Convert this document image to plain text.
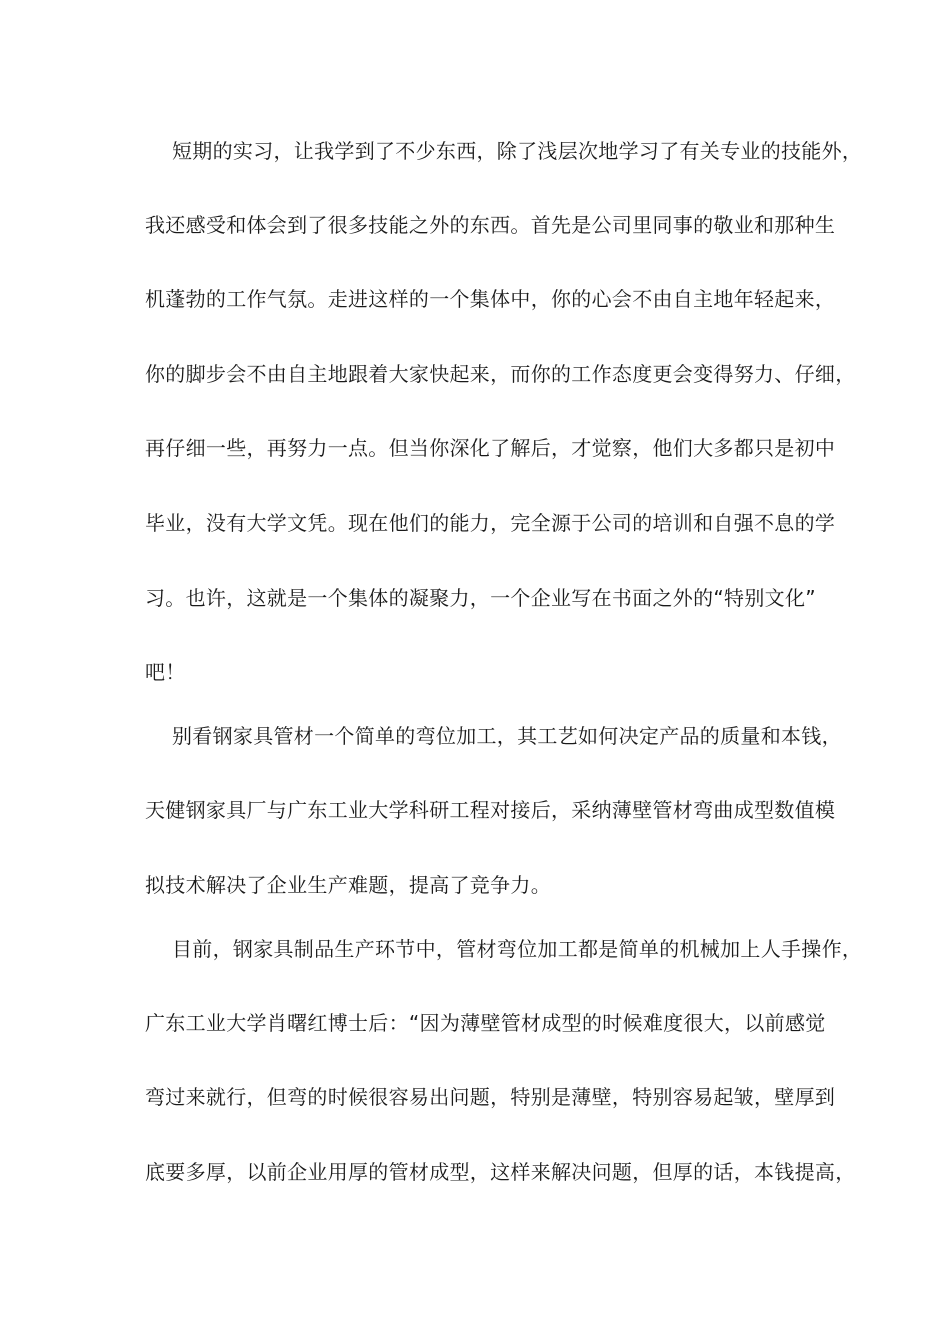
短期的实习，让我学到了不少东西，除了浅层次地学习了有关专业的技能外，
我还感受和体会到了很多技能之外的东西。首先是公司里同事的敬业和那种生
机蓬勃的工作气氛。走进这样的一个集体中，你的心会不由自主地年轻起来，
你的脚步会不由自主地跟着大家快起来，而你的工作态度更会变得努力、仔细，
再仔细一些，再努力一点。但当你深化了解后，才觉察，他们大多都只是初中
毕业，没有大学文凭。现在他们的能力，完全源于公司的培训和自强不息的学
习。也许，这就是一个集体的凝聚力，一个企业写在书面之外的“特别文化”
吧！
别看钢家具管材一个简单的弯位加工，其工艺如何决定产品的质量和本钱，
天健钢家具厂与广东工业大学科研工程对接后，采纳薄壁管材弯曲成型数值模
拟技术解决了企业生产难题，提高了竞争力。
目前，钢家具制品生产环节中，管材弯位加工都是简单的机械加上人手操作，
广东工业大学肖曙红博士后：“因为薄壁管材成型的时候难度很大，以前感觉
弯过来就行，但弯的时候很容易出问题，特别是薄壁，特别容易起皱，壁厚到
底要多厚，以前企业用厚的管材成型，这样来解决问题，但厚的话，本钱提高，
